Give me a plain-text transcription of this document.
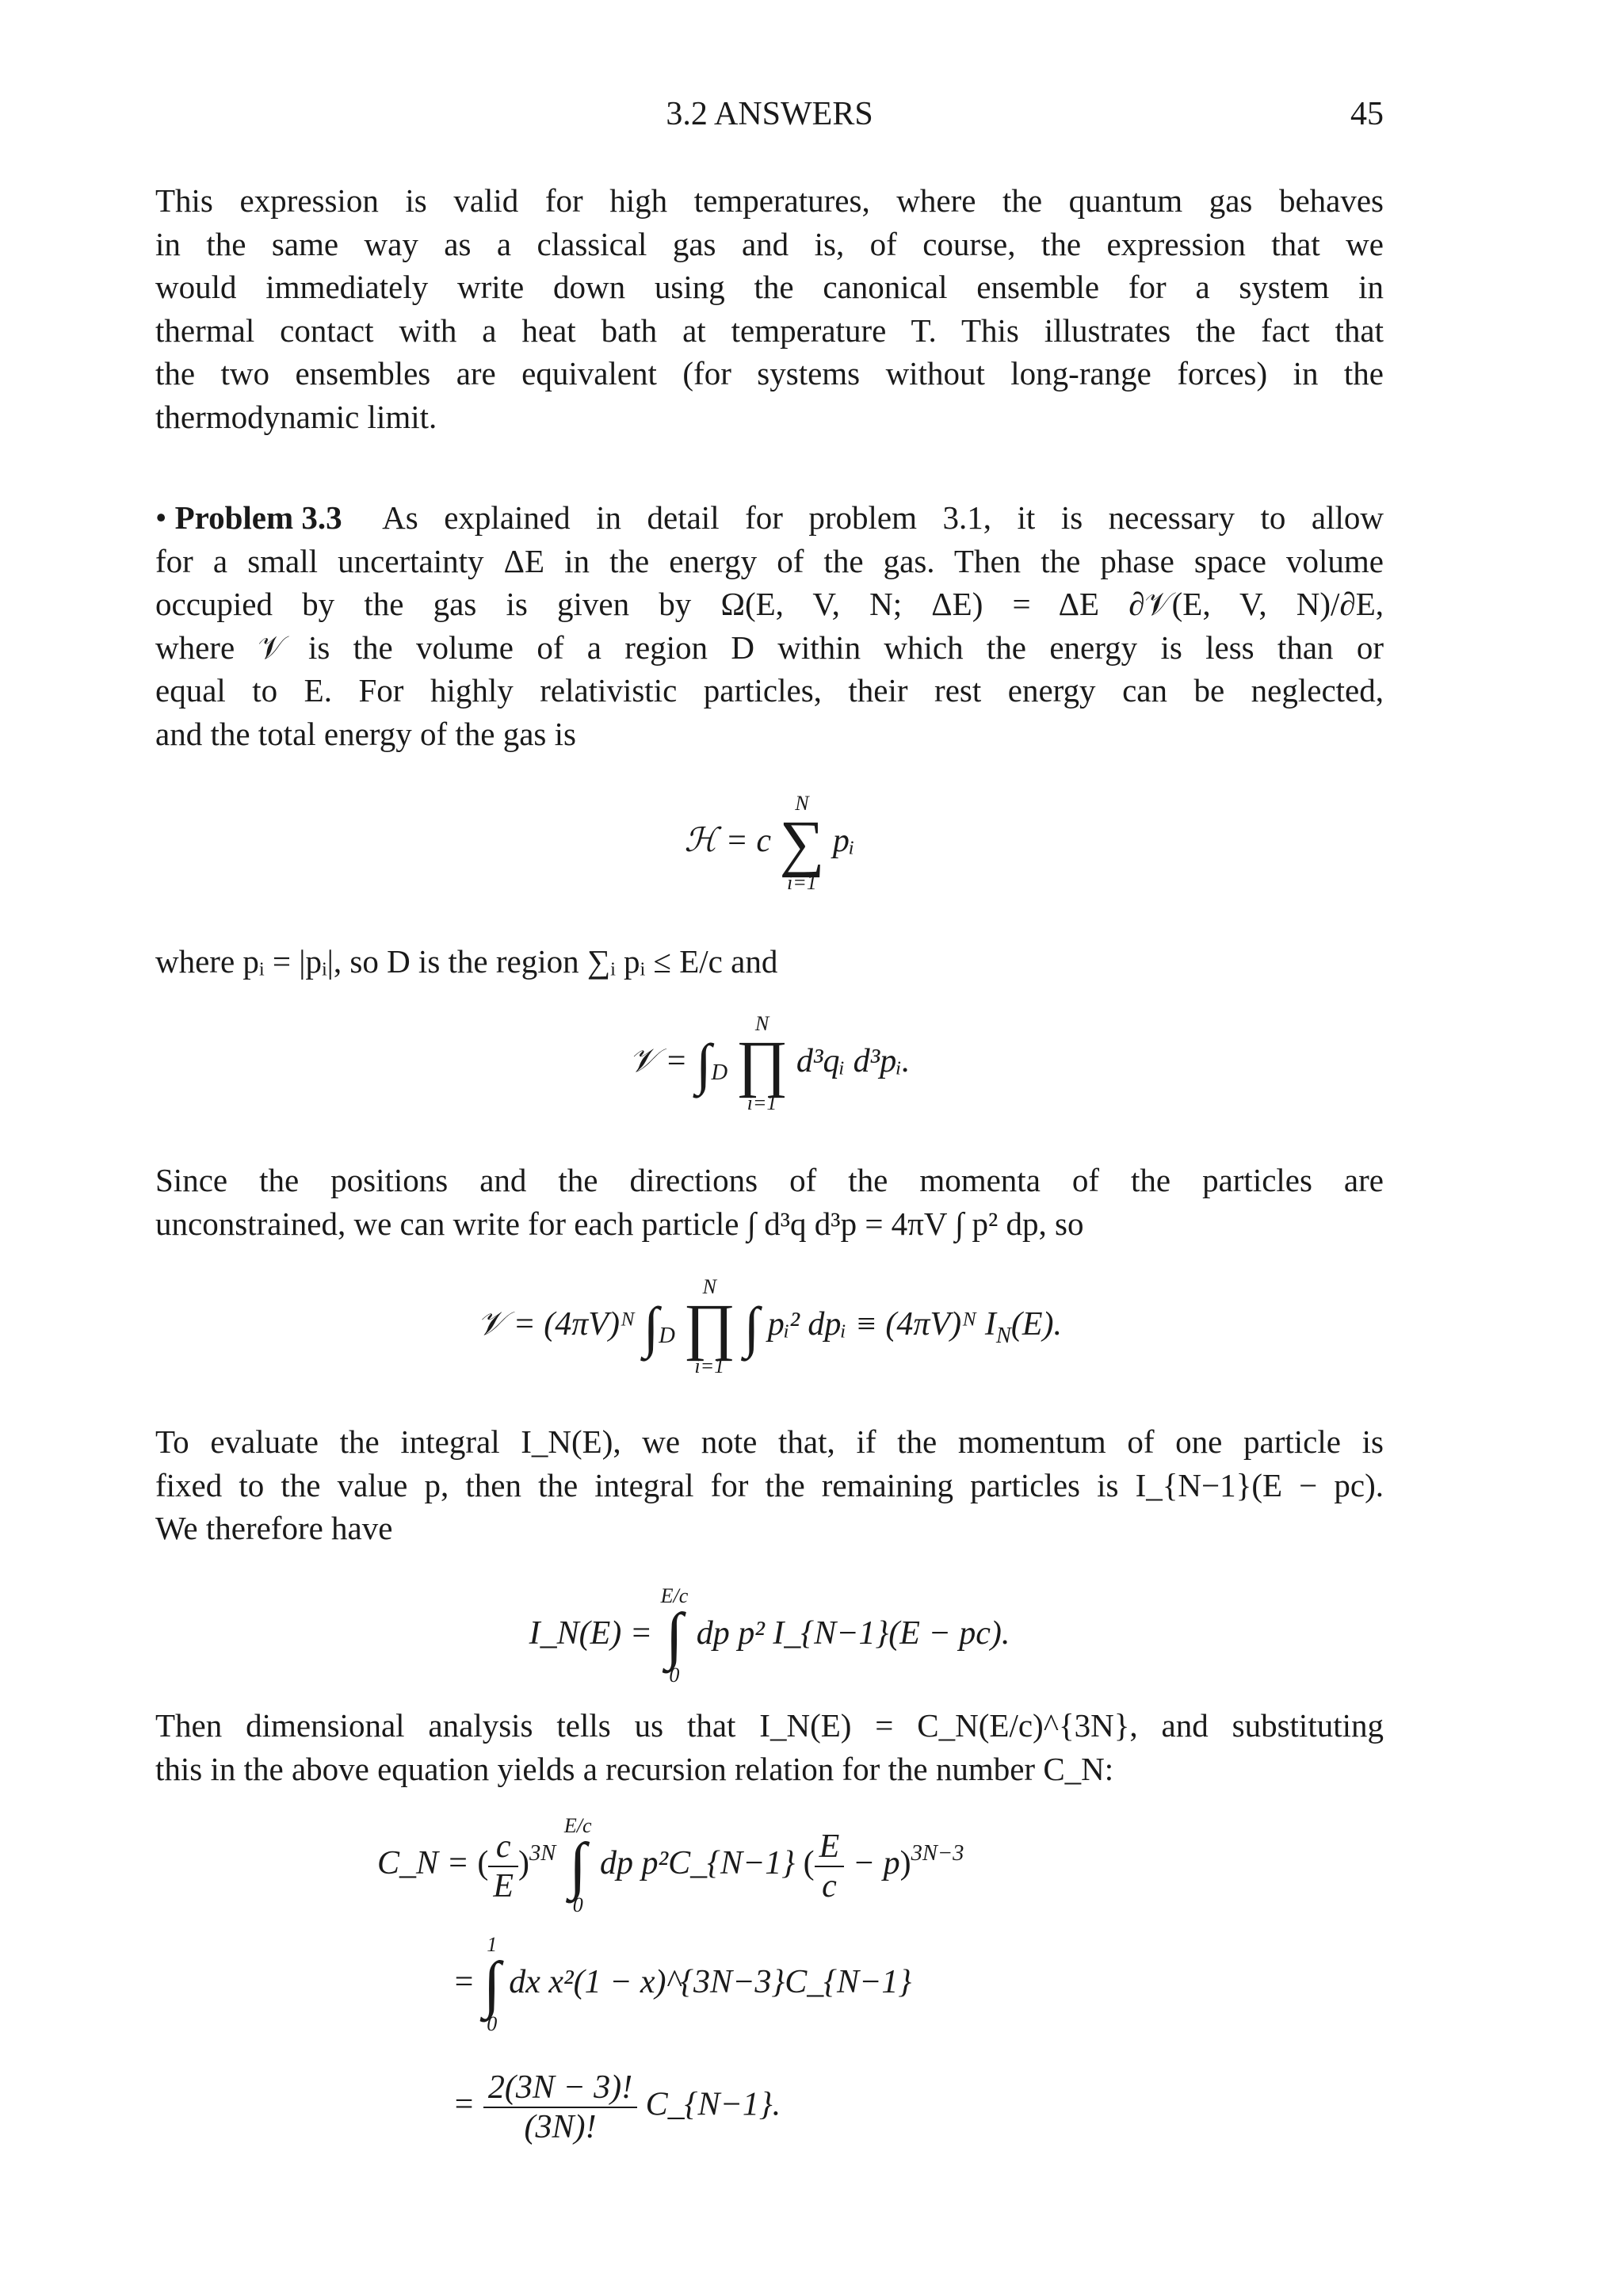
3.2 ANSWERS	45
This expression is valid for high temperatures, where the quantum gas behaves
in the same way as a classical gas and is, of course, the expression that we
would immediately write down using the canonical ensemble for a system in
thermal contact with a heat bath at temperature T. This illustrates the fact that
the two ensembles are equivalent (for systems without long-range forces) in the
thermodynamic limit.
• Problem 3.3 As explained in detail for problem 3.1, it is necessary to allow
for a small uncertainty ΔE in the energy of the gas. Then the phase space volume
occupied by the gas is given by Ω(E, V, N; ΔE) = ΔE ∂𝒱(E, V, N)/∂E,
where 𝒱 is the volume of a region D within which the energy is less than or
equal to E. For highly relativistic particles, their rest energy can be neglected,
and the total energy of the gas is
ℋ = c
N
∑
i=1
pᵢ
where pᵢ = |pᵢ|, so D is the region ∑ᵢ pᵢ ≤ E/c and
𝒱 = $\int_D$
N
∏
i=1
d³qᵢ d³pᵢ.
Since the positions and the directions of the momenta of the particles are
unconstrained, we can write for each particle ∫ d³q d³p = 4πV ∫ p² dp, so
𝒱 = (4πV)ᴺ $\int_D$
N
∏
i=1
∫ pᵢ² dpᵢ ≡ (4πV)ᴺ $I_N(E)$.
To evaluate the integral I_N(E), we note that, if the momentum of one particle is
fixed to the value p, then the integral for the remaining particles is I_{N−1}(E − pc).
We therefore have
I_N(E) =
E/c
∫
0
dp p² I_{N−1}(E − pc).
Then dimensional analysis tells us that I_N(E) = C_N(E/c)^{3N}, and substituting
this in the above equation yields a recursion relation for the number C_N:
C_N = ( $\frac{c}{E} )^{3N}$
E/c
∫
0
dp p²C_{N−1} ( $\frac{E}{c} - p)^{3N-3}$
=
1
∫
0
dx x²(1 − x)^{3N−3}C_{N−1}
= $\frac{2(3N - 3)!}{(3N)!}$ C_{N−1}.
